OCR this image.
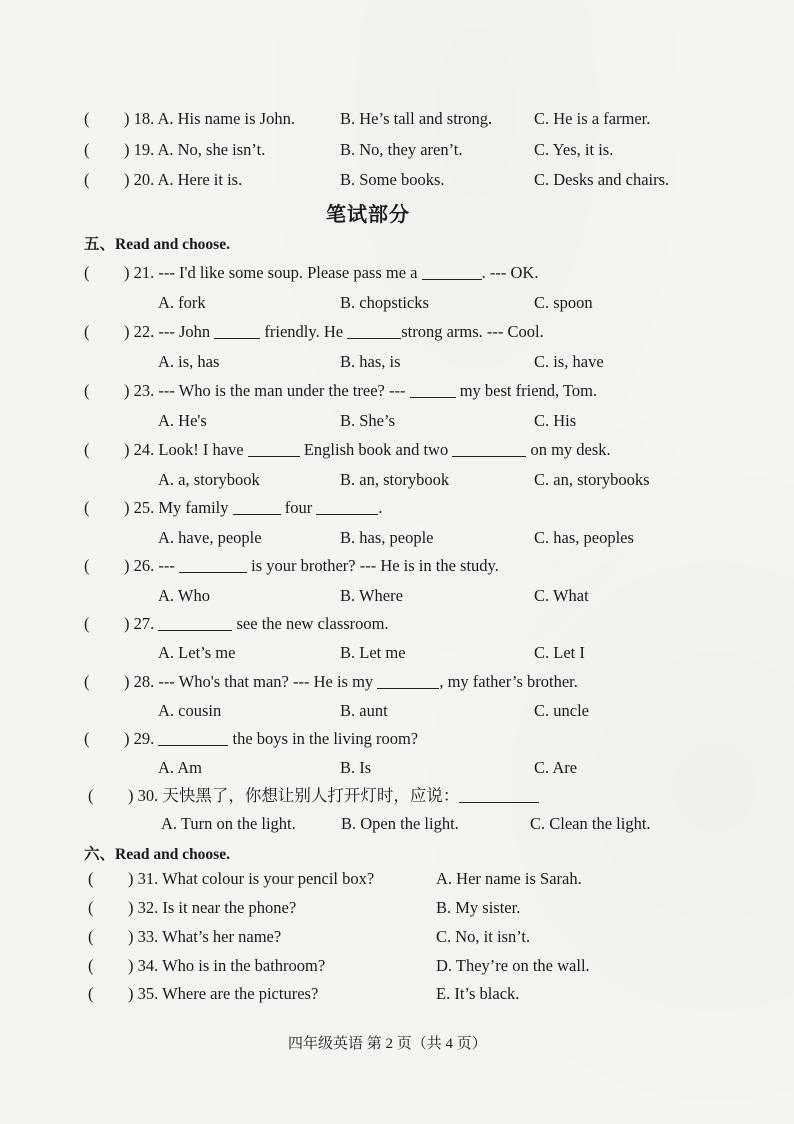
( ) 18. A. His name is John.	B. He’s tall and strong.	C. He is a farmer.
( ) 19. A. No, she isn’t.	B. No, they aren’t.	C. Yes, it is.
( ) 20. A. Here it is.	B. Some books.	C. Desks and chairs.
笔试部分
五、Read and choose.
( ) 21. --- I'd like some soup. Please pass me a	. --- OK.
A. fork	B. chopsticks	C. spoon
( ) 22. --- John	friendly. He	strong arms. --- Cool.
A. is, has	B. has, is	C. is, have
( ) 23. --- Who is the man under the tree? ---	my best friend, Tom.
A. He's	B. She’s	C. His
( ) 24. Look! I have	English book and two	on my desk.
A. a, storybook	B. an, storybook	C. an, storybooks
( ) 25. My family	four	.
A. have, people	B. has, people	C. has, peoples
( ) 26. ---	is your brother? --- He is in the study.
A. Who	B. Where	C. What
( ) 27.	see the new classroom.
A. Let’s me	B. Let me	C. Let I
( ) 28. --- Who's that man? --- He is my	, my father’s brother.
A. cousin	B. aunt	C. uncle
( ) 29.	the boys in the living room?
A. Am	B. Is	C. Are
( ) 30. 天快黑了，你想让别人打开灯时，应说：
A. Turn on the light.	B. Open the light.	C. Clean the light.
六、Read and choose.
( ) 31. What colour is your pencil box?	A. Her name is Sarah.
( ) 32. Is it near the phone?	B. My sister.
( ) 33. What’s her name?	C. No, it isn’t.
( ) 34. Who is in the bathroom?	D. They’re on the wall.
( ) 35. Where are the pictures?	E. It’s black.
四年级英语 第 2 页（共 4 页）
